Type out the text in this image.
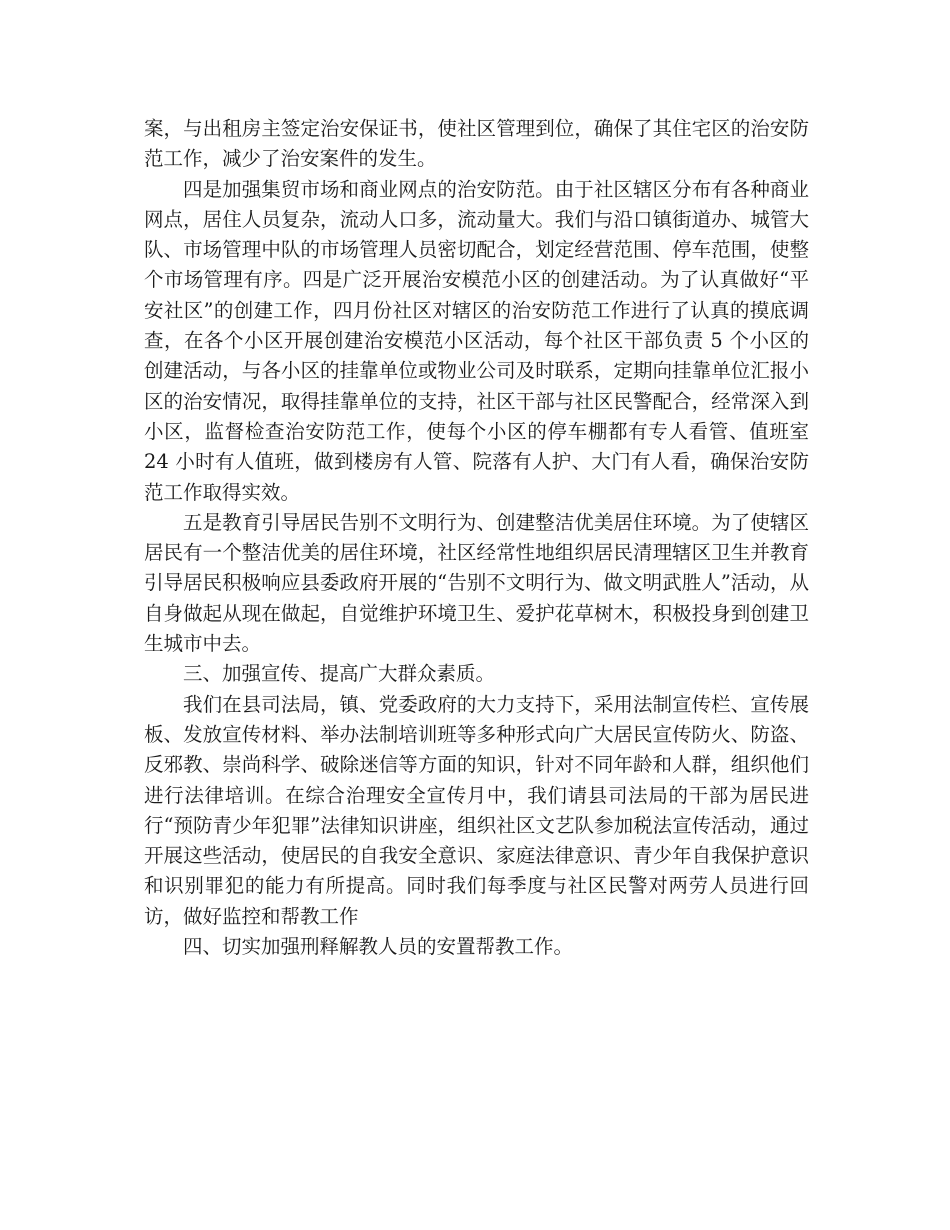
案，与出租房主签定治安保证书，使社区管理到位，确保了其住宅区的治安防范工作，减少了治安案件的发生。

四是加强集贸市场和商业网点的治安防范。由于社区辖区分布有各种商业网点，居住人员复杂，流动人口多，流动量大。我们与沿口镇街道办、城管大队、市场管理中队的市场管理人员密切配合，划定经营范围、停车范围，使整个市场管理有序。四是广泛开展治安模范小区的创建活动。为了认真做好“平安社区”的创建工作，四月份社区对辖区的治安防范工作进行了认真的摸底调查，在各个小区开展创建治安模范小区活动，每个社区干部负责 5 个小区的创建活动，与各小区的挂靠单位或物业公司及时联系，定期向挂靠单位汇报小区的治安情况，取得挂靠单位的支持，社区干部与社区民警配合，经常深入到小区，监督检查治安防范工作，使每个小区的停车棚都有专人看管、值班室 24 小时有人值班，做到楼房有人管、院落有人护、大门有人看，确保治安防范工作取得实效。

五是教育引导居民告别不文明行为、创建整洁优美居住环境。为了使辖区居民有一个整洁优美的居住环境，社区经常性地组织居民清理辖区卫生并教育引导居民积极响应县委政府开展的“告别不文明行为、做文明武胜人”活动，从自身做起从现在做起，自觉维护环境卫生、爱护花草树木，积极投身到创建卫生城市中去。

三、加强宣传、提高广大群众素质。

我们在县司法局，镇、党委政府的大力支持下，采用法制宣传栏、宣传展板、发放宣传材料、举办法制培训班等多种形式向广大居民宣传防火、防盗、反邪教、崇尚科学、破除迷信等方面的知识，针对不同年龄和人群，组织他们进行法律培训。在综合治理安全宣传月中，我们请县司法局的干部为居民进行“预防青少年犯罪”法律知识讲座，组织社区文艺队参加税法宣传活动，通过开展这些活动，使居民的自我安全意识、家庭法律意识、青少年自我保护意识和识别罪犯的能力有所提高。同时我们每季度与社区民警对两劳人员进行回访，做好监控和帮教工作

四、切实加强刑释解教人员的安置帮教工作。
